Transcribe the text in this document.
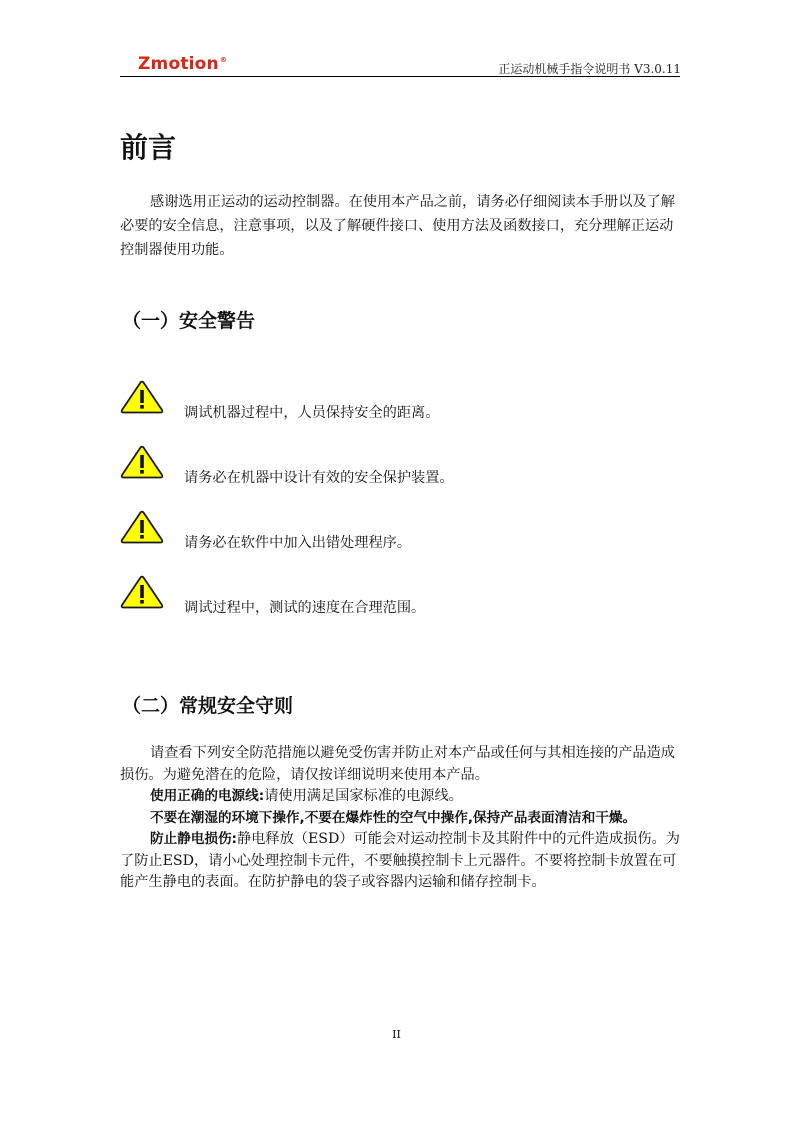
Zmotion®
正运动机械手指令说明书 V3.0.11
前言

感谢选用正运动的运动控制器。在使用本产品之前，请务必仔细阅读本手册以及了解必要的安全信息，注意事项，以及了解硬件接口、使用方法及函数接口，充分理解正运动控制器使用功能。

（一）安全警告
调试机器过程中，人员保持安全的距离。
请务必在机器中设计有效的安全保护装置。
请务必在软件中加入出错处理程序。
调试过程中，测试的速度在合理范围。
（二）常规安全守则

请查看下列安全防范措施以避免受伤害并防止对本产品或任何与其相连接的产品造成损伤。为避免潜在的危险，请仅按详细说明来使用本产品。

使用正确的电源线:请使用满足国家标准的电源线。

不要在潮湿的环境下操作,不要在爆炸性的空气中操作,保持产品表面清洁和干燥。

防止静电损伤:静电释放（ESD）可能会对运动控制卡及其附件中的元件造成损伤。为了防止ESD，请小心处理控制卡元件，不要触摸控制卡上元器件。不要将控制卡放置在可能产生静电的表面。在防护静电的袋子或容器内运输和储存控制卡。

II
